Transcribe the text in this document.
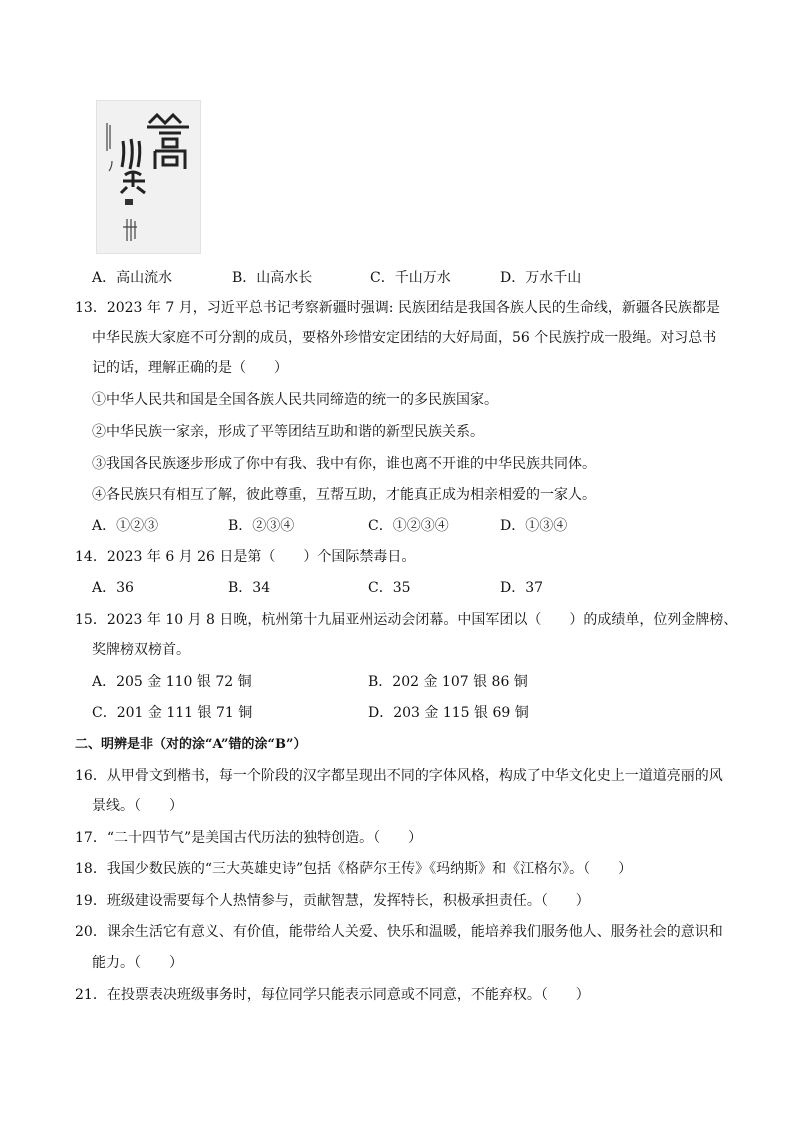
A．高山流水	B．山高水长	C．千山万水	D．万水千山
13．2023 年 7 月，习近平总书记考察新疆时强调: 民族团结是我国各族人民的生命线，新疆各民族都是
中华民族大家庭不可分割的成员，要格外珍惜安定团结的大好局面，56 个民族拧成一股绳。对习总书
记的话，理解正确的是（　　）
①中华人民共和国是全国各族人民共同缔造的统一的多民族国家。
②中华民族一家亲，形成了平等团结互助和谐的新型民族关系。
③我国各民族逐步形成了你中有我、我中有你，谁也离不开谁的中华民族共同体。
④各民族只有相互了解，彼此尊重，互帮互助，才能真正成为相亲相爱的一家人。
A．①②③	B．②③④	C．①②③④	D．①③④
14．2023 年 6 月 26 日是第（　　）个国际禁毒日。
A．36	B．34	C．35	D．37
15．2023 年 10 月 8 日晚，杭州第十九届亚州运动会闭幕。中国军团以（　　）的成绩单，位列金牌榜、
奖牌榜双榜首。
A．205 金 110 银 72 铜	B．202 金 107 银 86 铜
C．201 金 111 银 71 铜	D．203 金 115 银 69 铜
二、明辨是非（对的涂“A”错的涂“B”）
16．从甲骨文到楷书，每一个阶段的汉字都呈现出不同的字体风格，构成了中华文化史上一道道亮丽的风
景线。（　　）
17．“二十四节气”是美国古代历法的独特创造。（　　）
18．我国少数民族的“三大英雄史诗”包括《格萨尔王传》《玛纳斯》和《江格尔》。（　　）
19．班级建设需要每个人热情参与，贡献智慧，发挥特长，积极承担责任。（　　）
20．课余生活它有意义、有价值，能带给人关爱、快乐和温暖，能培养我们服务他人、服务社会的意识和
能力。（　　）
21．在投票表决班级事务时，每位同学只能表示同意或不同意，不能弃权。（　　）
